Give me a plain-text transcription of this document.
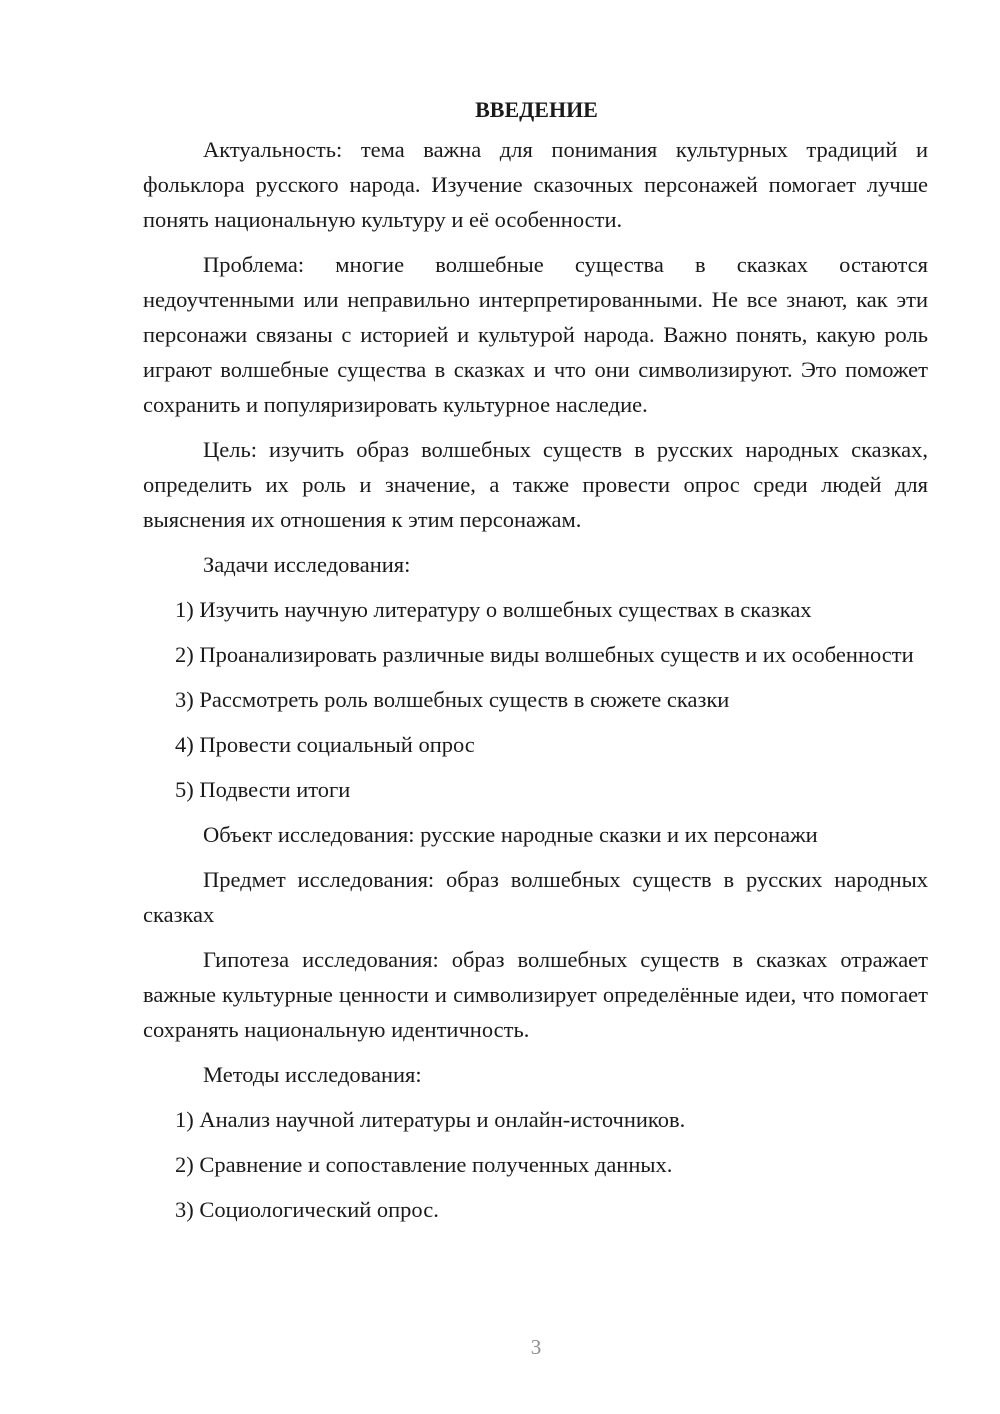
ВВЕДЕНИЕ

Актуальность: тема важна для понимания культурных традиций и фольклора русского народа. Изучение сказочных персонажей помогает лучше понять национальную культуру и её особенности.

Проблема: многие волшебные существа в сказках остаются недоучтенными или неправильно интерпретированными. Не все знают, как эти персонажи связаны с историей и культурой народа. Важно понять, какую роль играют волшебные существа в сказках и что они символизируют. Это поможет сохранить и популяризировать культурное наследие.

Цель: изучить образ волшебных существ в русских народных сказках, определить их роль и значение, а также провести опрос среди людей для выяснения их отношения к этим персонажам.

Задачи исследования:

1) Изучить научную литературу о волшебных существах в сказках

2) Проанализировать различные виды волшебных существ и их особенности

3) Рассмотреть роль волшебных существ в сюжете сказки

4) Провести социальный опрос

5) Подвести итоги

Объект исследования: русские народные сказки и их персонажи

Предмет исследования: образ волшебных существ в русских народных сказках

Гипотеза исследования: образ волшебных существ в сказках отражает важные культурные ценности и символизирует определённые идеи, что помогает сохранять национальную идентичность.

Методы исследования:

1) Анализ научной литературы и онлайн-источников.

2) Сравнение и сопоставление полученных данных.

3) Социологический опрос.

3
